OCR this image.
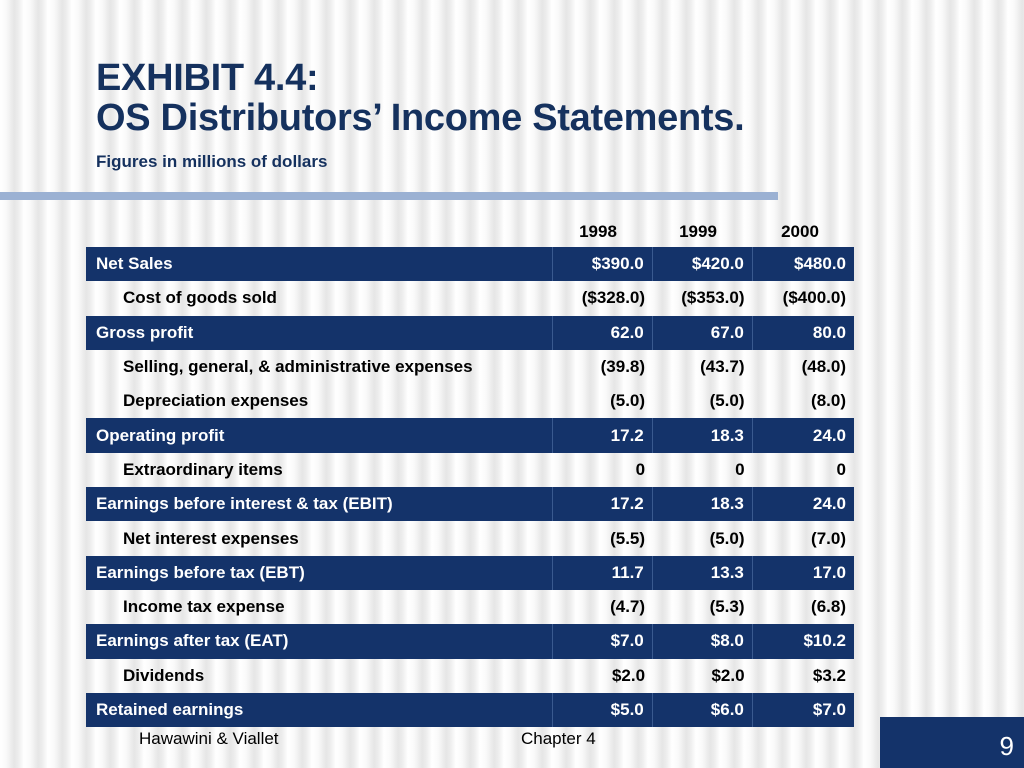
EXHIBIT 4.4:
OS Distributors’ Income Statements.
Figures in millions of dollars
1998	1999	2000
Net Sales	$390.0	$420.0	$480.0
Cost of goods sold	($328.0)	($353.0)	($400.0)
Gross profit	62.0	67.0	80.0
Selling, general, & administrative expenses	(39.8)	(43.7)	(48.0)
Depreciation expenses	(5.0)	(5.0)	(8.0)
Operating profit	17.2	18.3	24.0
Extraordinary items	0	0	0
Earnings before interest & tax (EBIT)	17.2	18.3	24.0
Net interest expenses	(5.5)	(5.0)	(7.0)
Earnings before tax (EBT)	11.7	13.3	17.0
Income tax expense	(4.7)	(5.3)	(6.8)
Earnings after tax (EAT)	$7.0	$8.0	$10.2
Dividends	$2.0	$2.0	$3.2
Retained earnings	$5.0	$6.0	$7.0
Hawawini & Viallet	Chapter 4	9
